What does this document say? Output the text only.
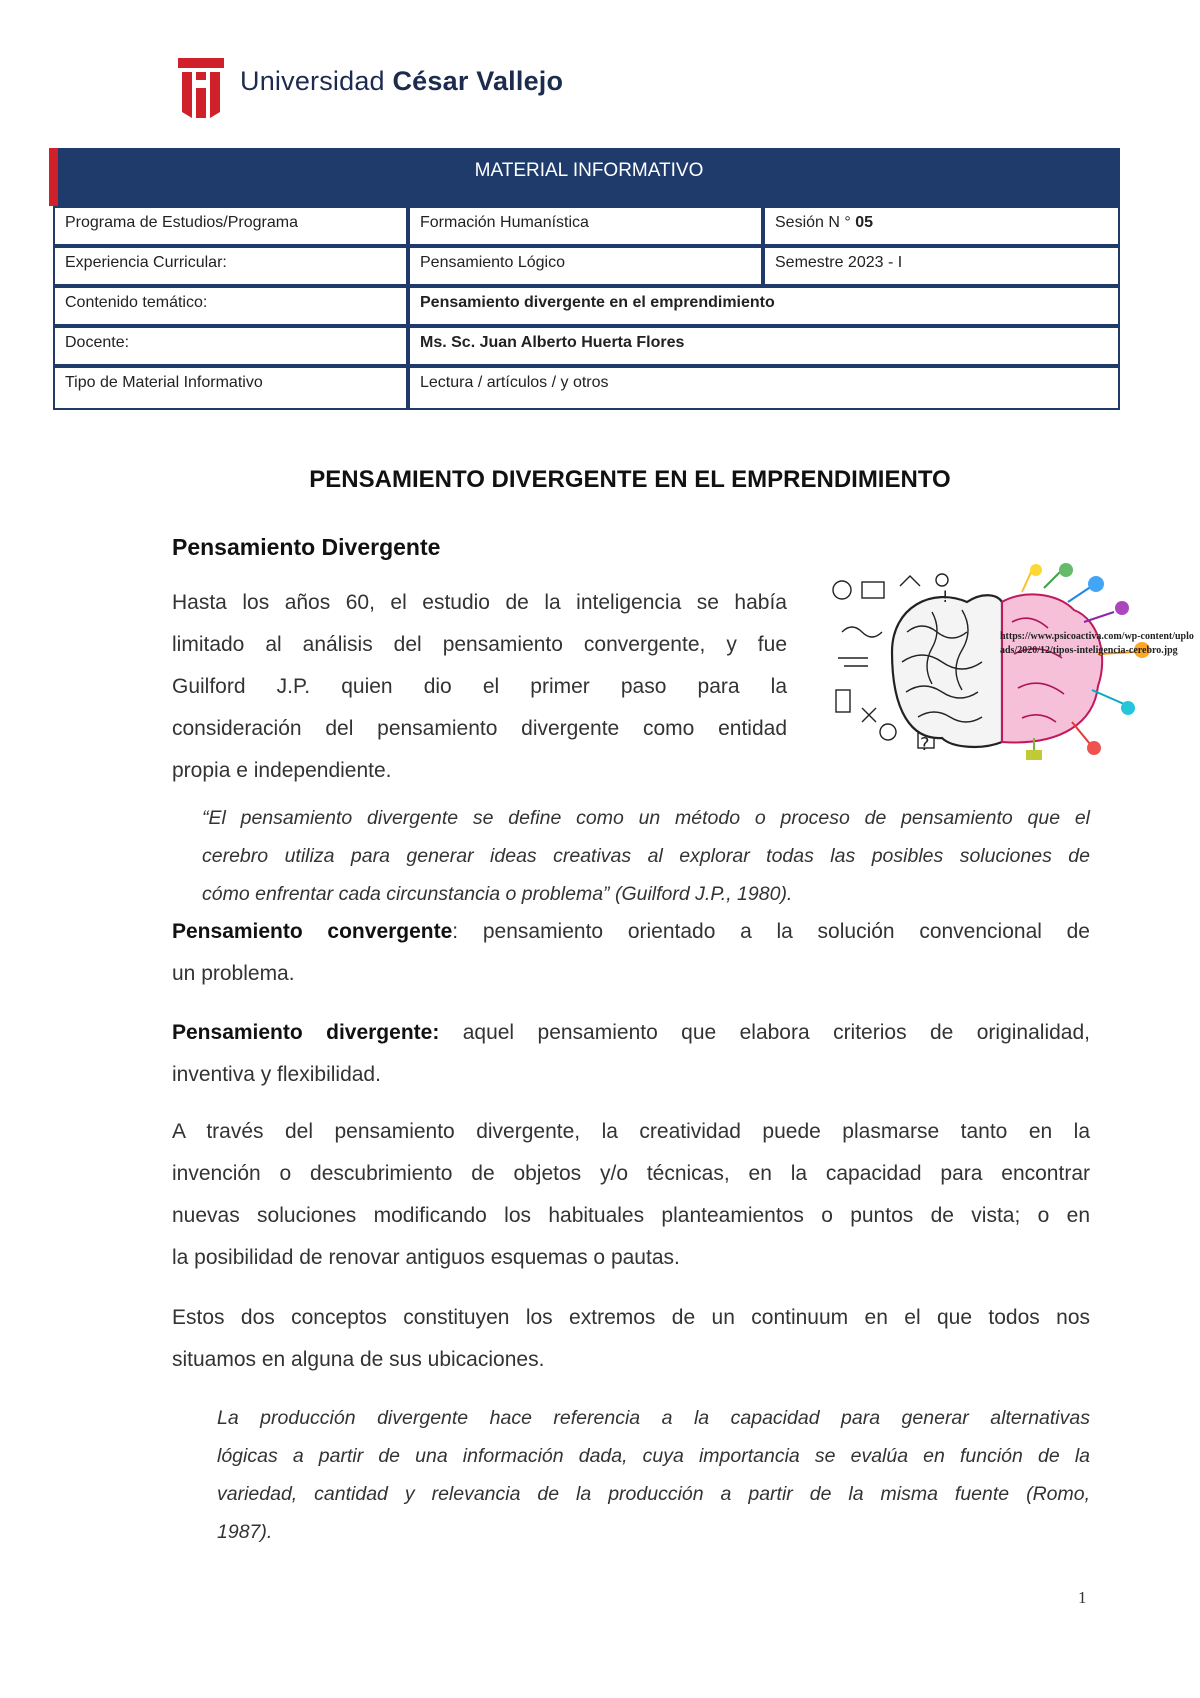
Universidad César Vallejo
MATERIAL INFORMATIVO
Programa de Estudios/Programa	Formación Humanística	Sesión N ° 05
Experiencia Curricular:	Pensamiento Lógico	Semestre 2023 - I
Contenido temático:	Pensamiento divergente en el emprendimiento
Docente:	Ms. Sc. Juan Alberto Huerta Flores
Tipo de Material Informativo	Lectura / artículos / y otros
PENSAMIENTO DIVERGENTE EN EL EMPRENDIMIENTO
Pensamiento Divergente
Hasta los años 60, el estudio de la inteligencia se había
limitado al análisis del pensamiento convergente, y fue
Guilford J.P. quien dio el primer paso para la
consideración del pensamiento divergente como entidad
propia e independiente.
?
!
https://www.psicoactiva.com/wp-content/uploads/2020/12/tipos-inteligencia-cerebro.jpg
“El pensamiento divergente se define como un método o proceso de pensamiento que el
cerebro utiliza para generar ideas creativas al explorar todas las posibles soluciones de
cómo enfrentar cada circunstancia o problema” (Guilford J.P., 1980).
Pensamiento convergente: pensamiento orientado a la solución convencional de
un problema.
Pensamiento divergente: aquel pensamiento que elabora criterios de originalidad,
inventiva y flexibilidad.
A través del pensamiento divergente, la creatividad puede plasmarse tanto en la
invención o descubrimiento de objetos y/o técnicas, en la capacidad para encontrar
nuevas soluciones modificando los habituales planteamientos o puntos de vista; o en
la posibilidad de renovar antiguos esquemas o pautas.
Estos dos conceptos constituyen los extremos de un continuum en el que todos nos
situamos en alguna de sus ubicaciones.
La producción divergente hace referencia a la capacidad para generar alternativas
lógicas a partir de una información dada, cuya importancia se evalúa en función de la
variedad, cantidad y relevancia de la producción a partir de la misma fuente (Romo,
1987).
1
